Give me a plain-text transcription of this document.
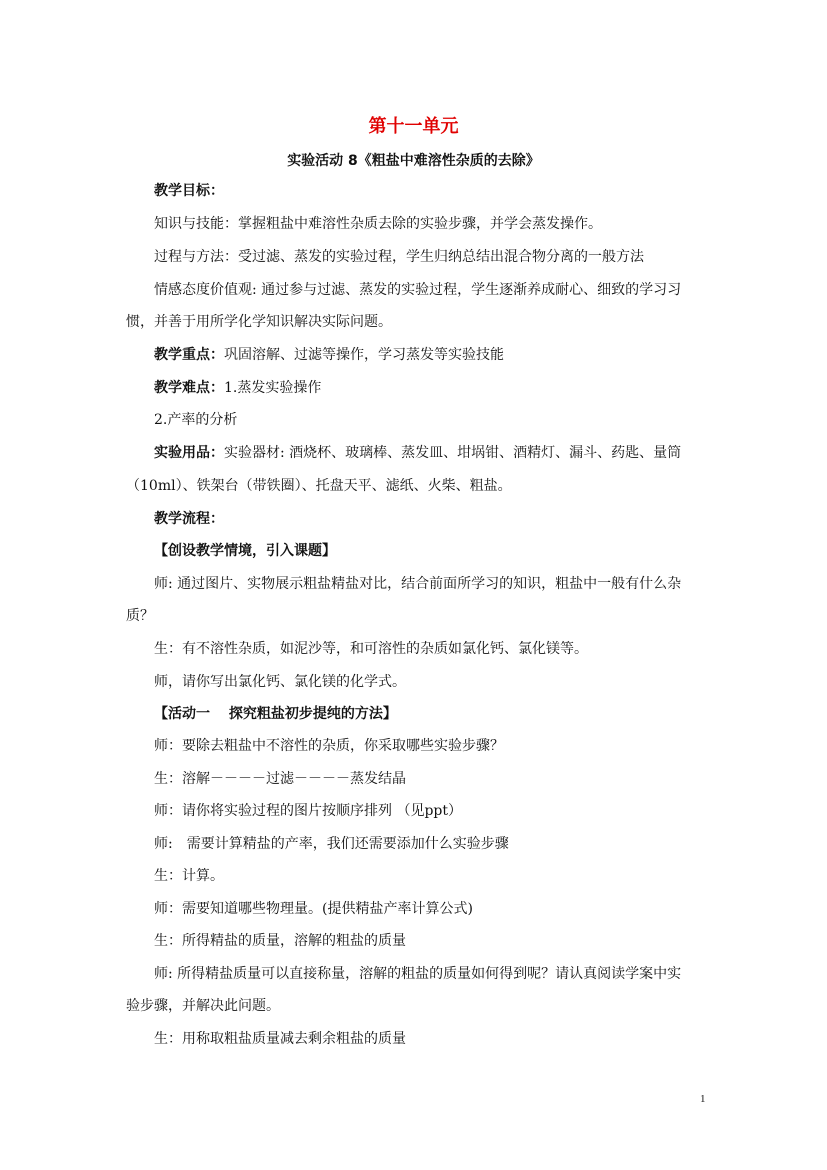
第十一单元
实验活动 8《粗盐中难溶性杂质的去除》
教学目标：
知识与技能：掌握粗盐中难溶性杂质去除的实验步骤，并学会蒸发操作。
过程与方法：受过滤、蒸发的实验过程，学生归纳总结出混合物分离的一般方法
情感态度价值观: 通过参与过滤、蒸发的实验过程，学生逐渐养成耐心、细致的学习习
惯，并善于用所学化学知识解决实际问题。
教学重点：巩固溶解、过滤等操作，学习蒸发等实验技能
教学难点：1.蒸发实验操作
2.产率的分析
实验用品：实验器材: 酒烧杯、玻璃棒、蒸发皿、坩埚钳、酒精灯、漏斗、药匙、量筒
（10ml）、铁架台（带铁圈）、托盘天平、滤纸、火柴、粗盐。
教学流程：
【创设教学情境，引入课题】
师: 通过图片、实物展示粗盐精盐对比，结合前面所学习的知识，粗盐中一般有什么杂
质？
生：有不溶性杂质，如泥沙等，和可溶性的杂质如氯化钙、氯化镁等。
师，请你写出氯化钙、氯化镁的化学式。
【活动一　 探究粗盐初步提纯的方法】
师：要除去粗盐中不溶性的杂质，你采取哪些实验步骤？
生：溶解－－－－过滤－－－－蒸发结晶
师：请你将实验过程的图片按顺序排列 （见ppt）
师:　需要计算精盐的产率，我们还需要添加什么实验步骤
生：计算。
师：需要知道哪些物理量。(提供精盐产率计算公式)
生：所得精盐的质量，溶解的粗盐的质量
师: 所得精盐质量可以直接称量，溶解的粗盐的质量如何得到呢？请认真阅读学案中实
验步骤，并解决此问题。
生：用称取粗盐质量减去剩余粗盐的质量
1
